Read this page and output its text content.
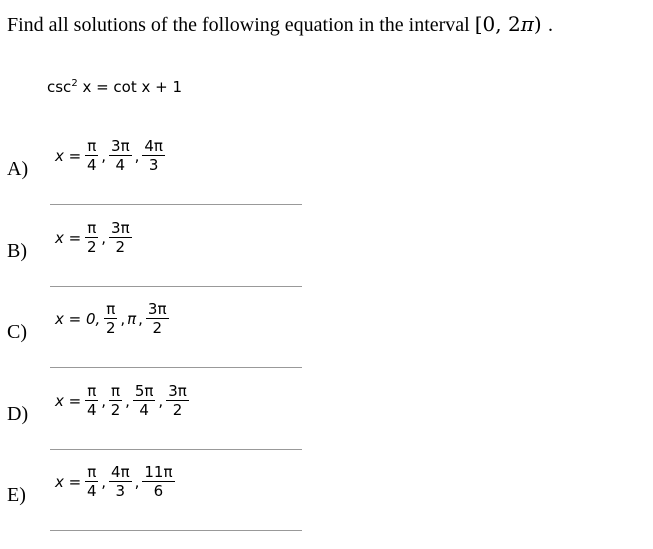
Find all solutions of the following equation in the interval [0, 2π) .
$\csc^2 x = \cot x + 1$
A)
$x = \frac{\pi}{4}$ , $\frac{3\pi}{4}$ , $\frac{4\pi}{3}$
B)
$x = \frac{\pi}{2}$ , $\frac{3\pi}{2}$
C)
x = 0, $\frac{\pi}{2}$ , π , $\frac{3\pi}{2}$
D)
$x = \frac{\pi}{4}$ , $\frac{\pi}{2}$ , $\frac{5\pi}{4}$ , $\frac{3\pi}{2}$
E)
$x = \frac{\pi}{4}$ , $\frac{4\pi}{3}$ , $\frac{11\pi}{6}$
